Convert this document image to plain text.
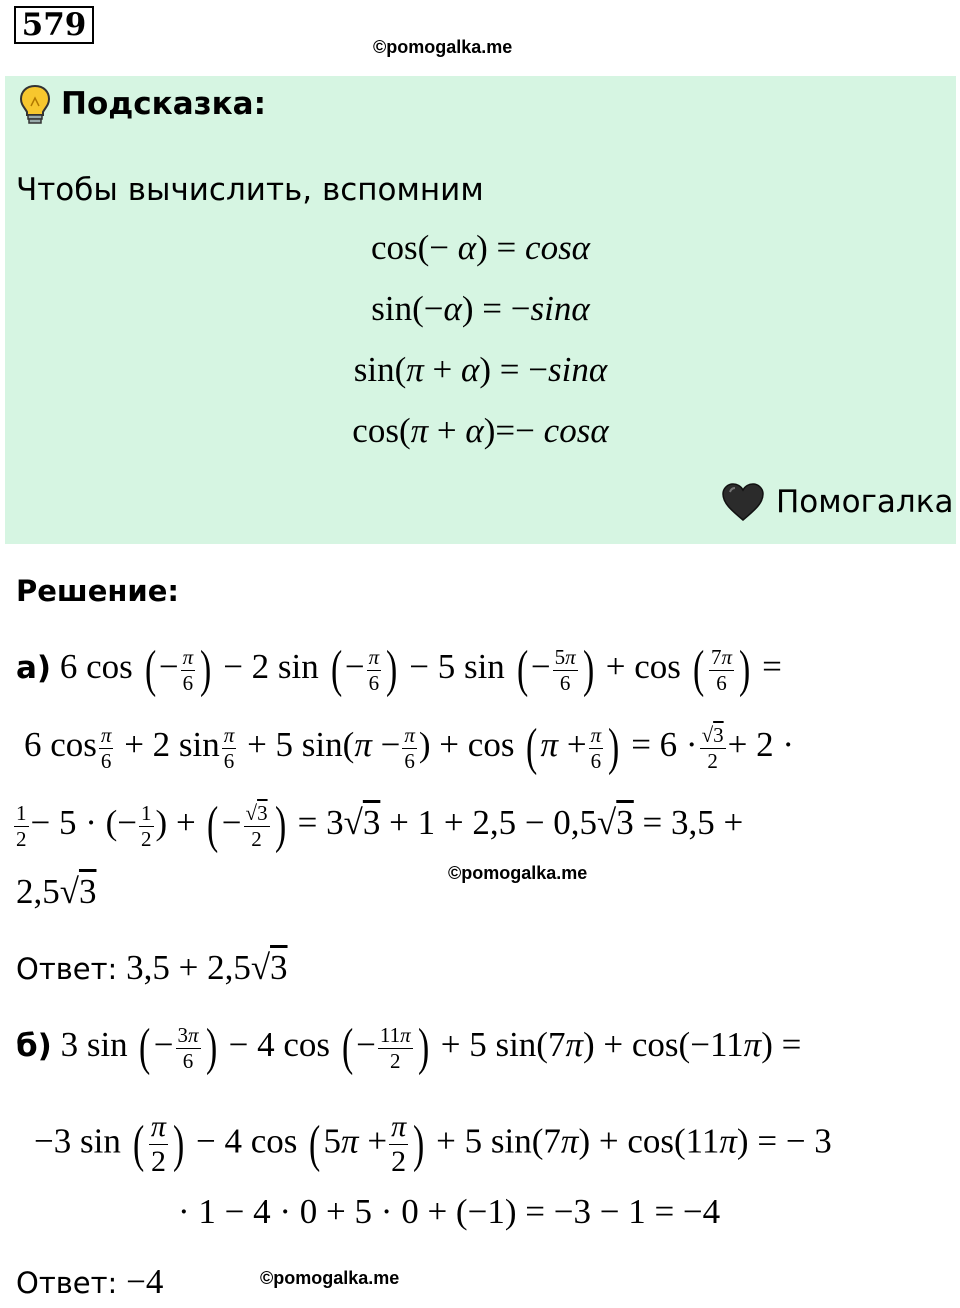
579
©pomogalka.me
Подсказка:
Чтобы вычислить, вспомним
cos(− α) = cosα
sin(−α) = −sinα
sin(π + α) = −sinα
cos(π + α)=− cosα
Помогалка
Решение:
а) 6 cos (− $\frac{\pi}{6}$ ) − 2 sin (− $\frac{\pi}{6}$ ) − 5 sin (− $\frac{5\pi}{6}$ ) + cos ( $\frac{7\pi}{6}$ ) =
6 $\cos \frac{\pi}{6} + 2$ $\sin \frac{\pi}{6} + 5$ $\sin(\pi - \frac{\pi}{6}$ ) + $\cos (\pi + \frac{\pi}{6}$ ) = $6 \cdot \frac{√3}{2} + 2$ ·
$\frac{1}{2} - 5$ · (− $\frac{1}{2}$ ) + (− $\frac{√3}{2}$ ) = 3√3 + 1 + 2,5 − 0,5√3 = 3,5 +
©pomogalka.me
2,5√3
Ответ: 3,5 + 2,5√3
б) 3 sin (− $\frac{3\pi}{6}$ ) − 4 cos (− $\frac{11\pi}{2}$ ) + 5 sin(7π) + cos(−11π) =
−3 sin ( $\frac{\pi}{2}$ ) − 4 $\cos (5\pi + \frac{\pi}{2}$ ) + 5 sin(7π) + cos(11π) = − 3
· 1 − 4 · 0 + 5 · 0 + (−1) = −3 − 1 = −4
Ответ: −4	©pomogalka.me
